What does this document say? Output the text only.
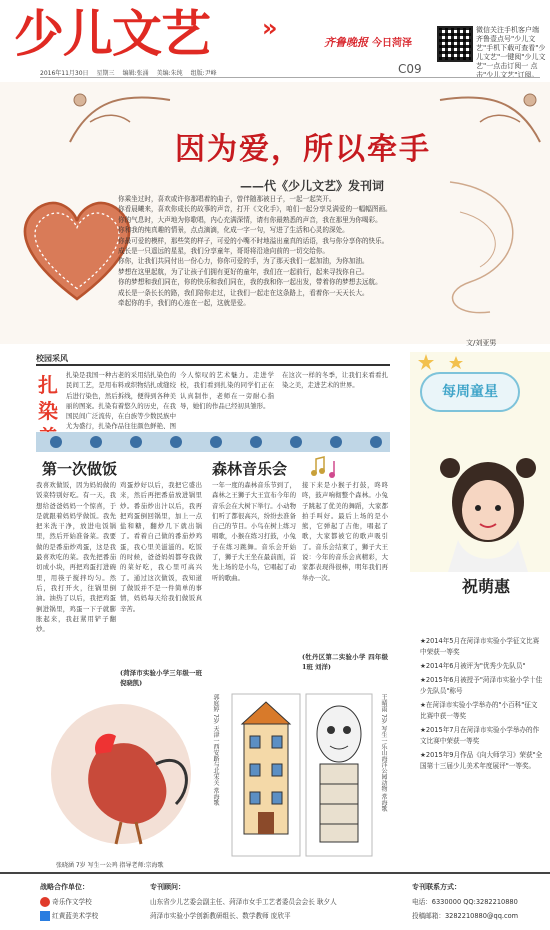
少儿文艺 »
齐鲁晚报 今日菏泽
微信关注手机客户端 齐鲁壹点号"少儿文艺"手机下载可查看"少儿文艺"一键阅"少儿文艺"一点击订阅一 点击"少儿文艺"订阅。
2016年11月30日 星期三 编辑:张涌 美编:朱纯 组版:尹峰	C09
因为爱，所以牵手
——代《少儿文艺》发刊词

你乘坐过时，喜欢或许你那唱着的曲子，曾伴随那被日子，一起一起笑开。

你看晨曦来，喜欢你成长的故事的声音，打开《文化手》，咱们一起分享兑满爱的一幅幅图画。

你的气息时，大声地为你歌唱，内心充满深情，请有你最熟悉的声音，我在那里为你喝彩。

你和我的纯真趣的情景，点点滴滴，化成一字一句，写进了生活和心灵的深处。

你最可爱的模样，那些笑的样子，可爱的小嘴不时地溢出童真的话语，我与你分享你的快乐。

成长是一只遥远的星星，我们分享童年，哥哥将沿途向前的一切交给你。

你你，让我们共同付出一份心力，你你可爱的手，为了那天我们一起加油，为你加油。

梦想在这里起航，为了让孩子们拥有更好的童年，我们在一起前行，起来寻找你自己。

你的梦想和我们同在，你的快乐和我们同在，我的我和你一起出发，带着你的梦想去远航。

成长是一条长长的路，我们陪你走过，让我们一起走在这条路上，看着你一天天长大。

牵起你的手，我们的心连在一起，这就是爱。

文/刘亚男
校园采风
扎
染
扎染是我国一种古老的采用结扎染色的民间工艺，是用布料或织物结扎或缝绞后进行染色，然后拆线，便得到各种美丽的图案。扎染有着悠久的历史，在我国民间广泛流传，在白族等少数民族中尤为盛行，扎染作品往往颜色鲜艳、图
今人惊叹的艺术魅力。走进学校，我们看到扎染的同学们正在认真制作，老师在一旁耐心指导，她们的作品已经初具雏形。
在这次一样的冬季，让我们来看看扎染之美，走进艺术的世界。
第一次做饭
我喜欢做饭，因为妈妈做的饭菜特别好吃。有一天，我想给爸爸妈妈一个惊喜，于是就跟着妈妈学做饭。我先把米洗干净，放进电饭锅里，然后开始准备菜。我要做的是番茄炒鸡蛋，这是我最喜欢吃的菜。我先把番茄切成小块，再把鸡蛋打进碗里，用筷子搅拌均匀。然后，我打开火，往锅里倒油。油热了以后，我把鸡蛋倒进锅里，鸡蛋一下子就膨胀起来，我赶紧用铲子翻炒。
鸡蛋炒好以后，我把它盛出来，然后再把番茄放进锅里炒。番茄炒出汁以后，我再把鸡蛋倒回锅里，加上一点盐和糖，翻炒几下就出锅了。看着自己做的番茄炒鸡蛋，我心里美滋滋的。吃饭的时候，爸爸妈妈都夸我做的菜好吃，我心里可高兴了。通过这次做饭，我知道了做饭并不是一件简单的事情，妈妈每天给我们做饭真辛苦。
(菏泽市实验小学三年级一班 倪晓凯)
森林音乐会
一年一度的森林音乐节到了，森林之王狮子大王宣布今年的音乐会在大树下举行。小动物们听了都很高兴，纷纷去准备自己的节目。小鸟在树上练习唱歌，小猴在练习打鼓，小兔子在练习跳舞。音乐会开始了，狮子大王坐在最前面，首先上场的是小鸟，它唱起了动听的歌曲。
接下来是小猴子打鼓，咚咚咚，鼓声响彻整个森林。小兔子跳起了优美的舞蹈，大家都拍手叫好。最后上场的是小熊，它弹起了吉他，唱起了歌，大家都被它的歌声吸引了。音乐会结束了，狮子大王说：今年的音乐会真精彩，大家都表现得很棒，明年我们再举办一次。
(牡丹区第二实验小学 四年级1班 刘洋)
张晓涵 7岁 写生一公鸡 指导老师:宗海歌
郭庭婷 7岁 天津一西安路与北宋关 常海歌	王晴雨 7岁 写生一乐山海洋公园动物 常海歌
每周童星
祝萌惠

★2014年5月在菏泽市实验小学征文比赛中荣获一等奖

★2014年6月被评为"优秀少先队员"

★2015年6月被授予"菏泽市实验小学十佳少先队员"称号

★在菏泽市实验小学举办的"小百科"征文比赛中获一等奖

★2015年7月在菏泽市实验小学举办的作文比赛中荣获一等奖

★2015年9月作品《向大师学习》荣获"全国第十三届少儿美术年度展评"一等奖。

战略合作单位：
奇乐作文学校
红黄蓝美术学校
专刊顾问：
山东省少儿艺委会副主任、菏泽市女手工艺者委员会会长 耿夕人
菏泽市实验小学创新教研组长、数学教师 庞欣平
专刊联系方式：
电话：6330000 QQ:3282210880
投稿邮箱：3282210880@qq.com
